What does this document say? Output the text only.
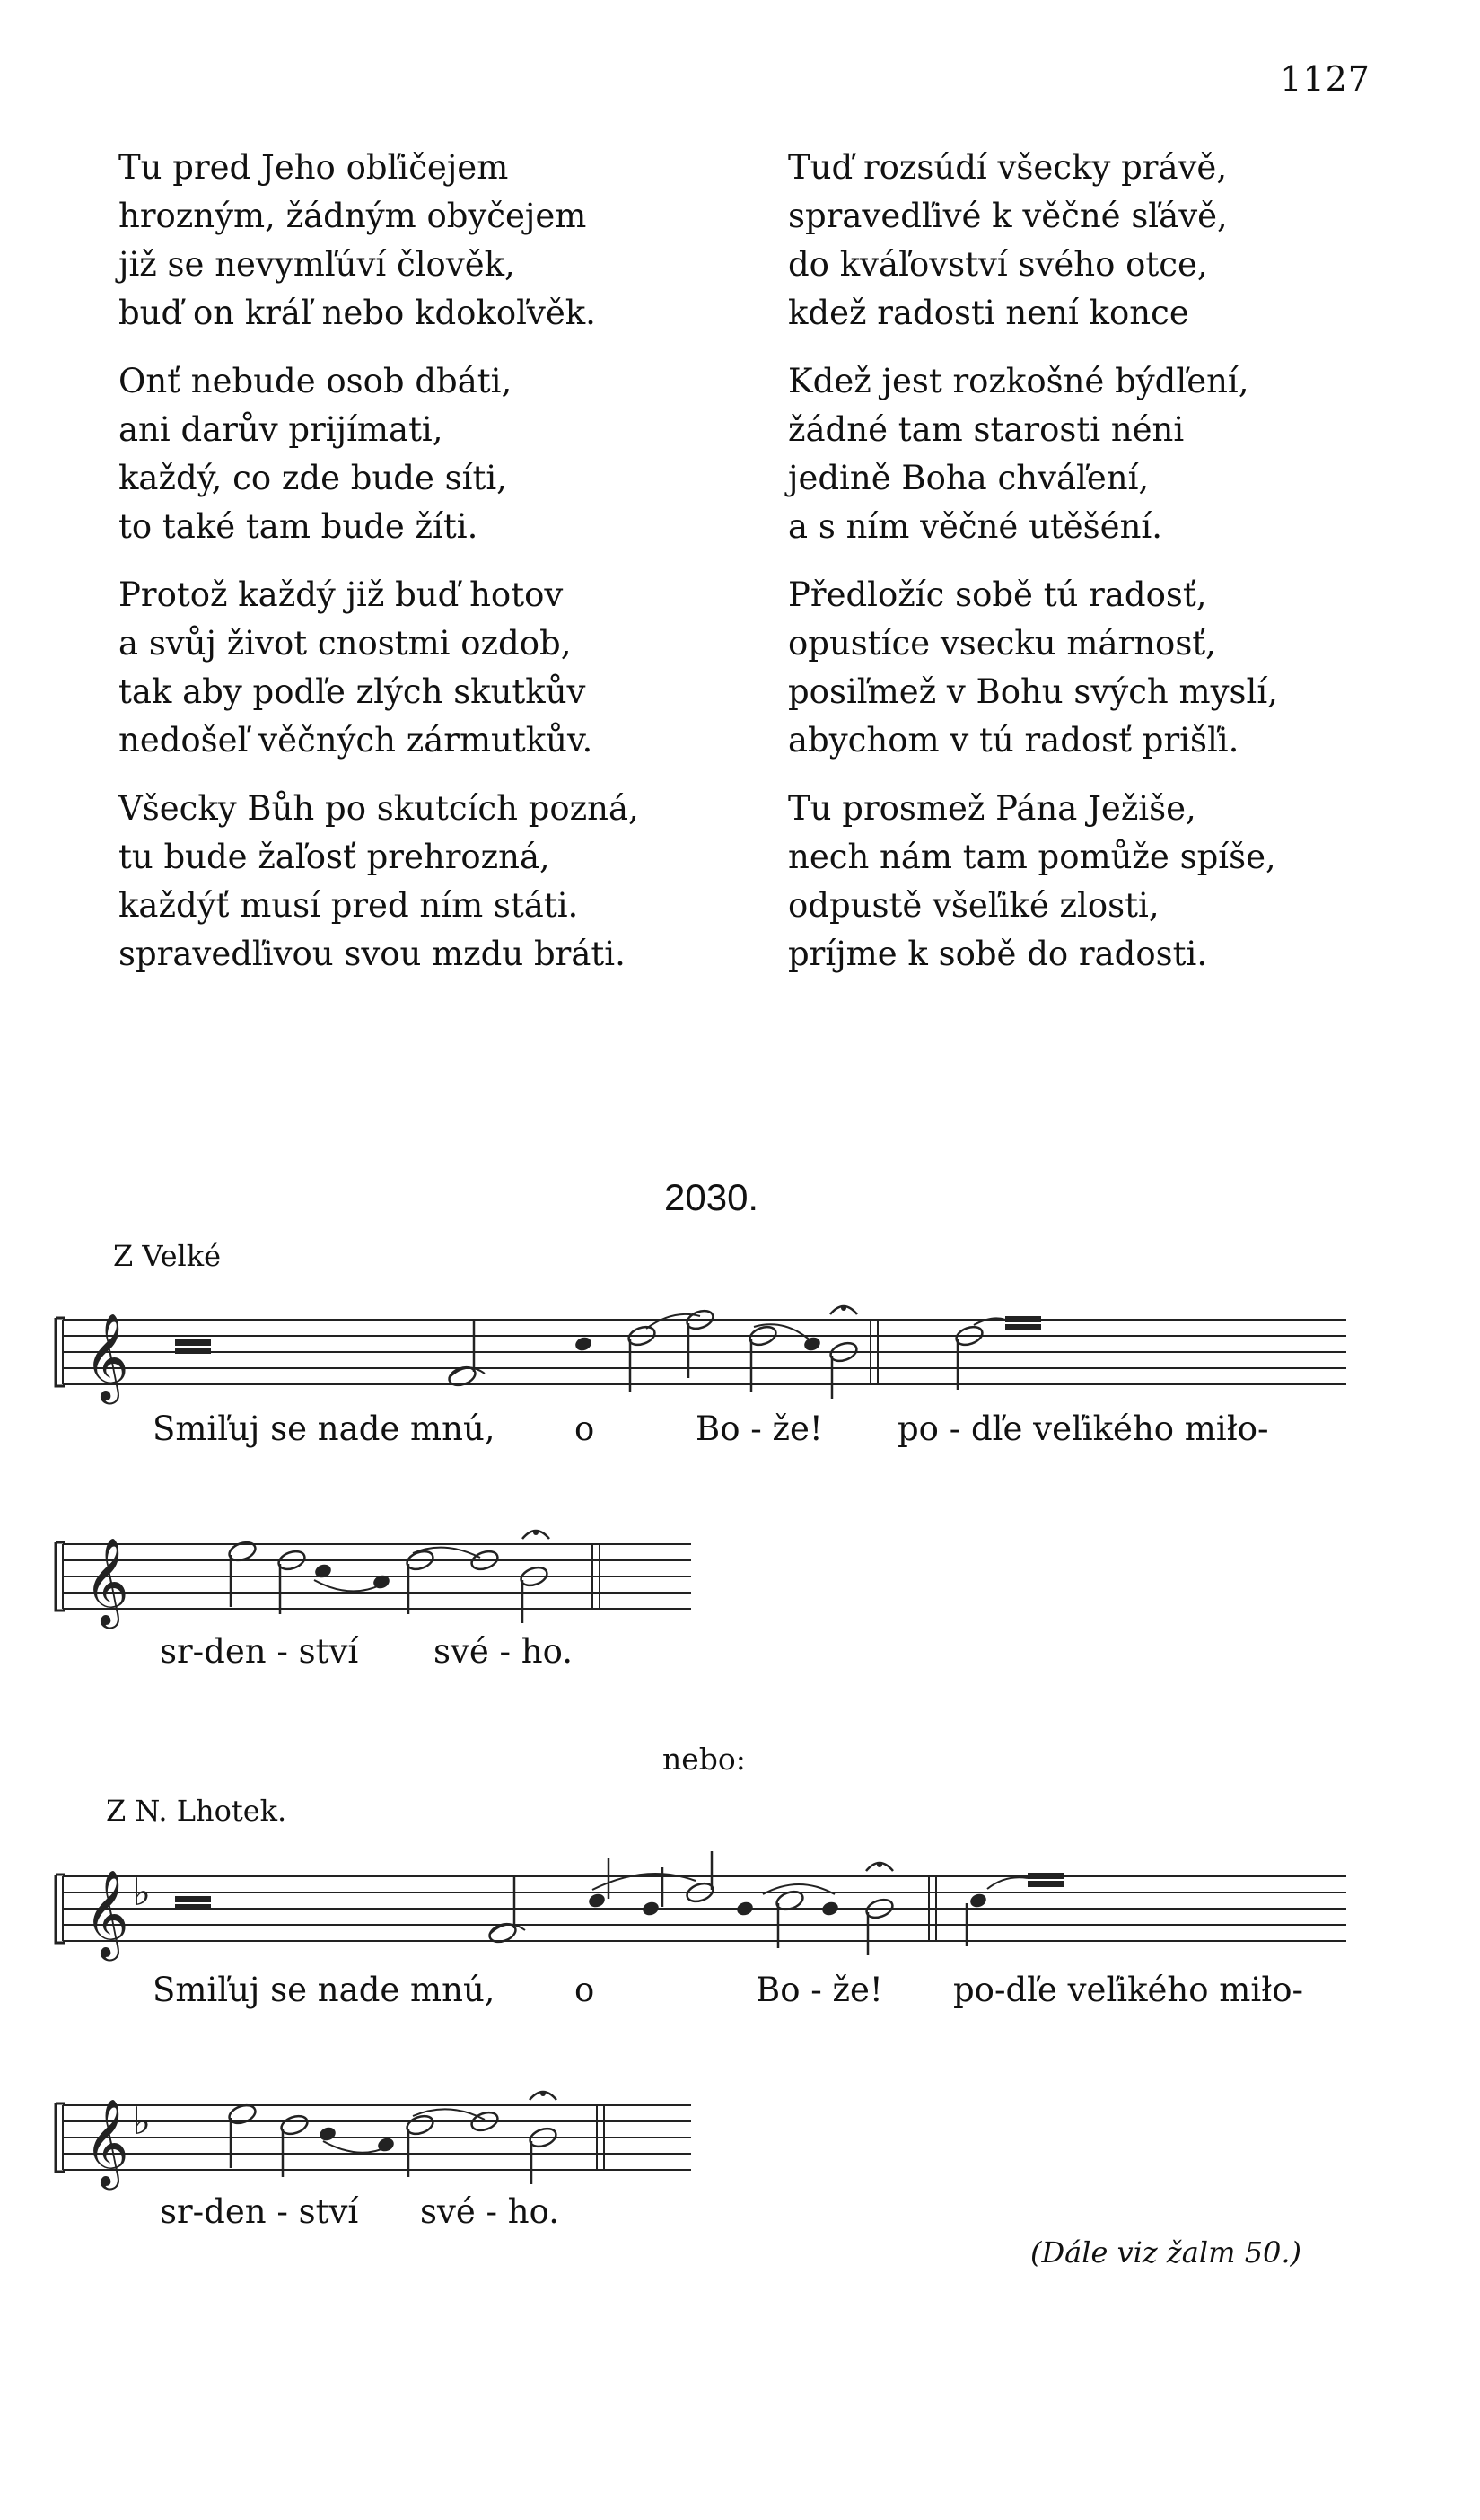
1127
Tu pred Jeho obľičejem
hrozným, žádným obyčejem
již se nevymľúví člověk,
buď on kráľ nebo kdokoľvěk.
Onť nebude osob dbáti,
ani darův prijímati,
každý, co zde bude síti,
to také tam bude žíti.
Protož každý již buď hotov
a svůj život cnostmi ozdob,
tak aby podľe zlých skutkův
nedošeľ věčných zármutkův.
Všecky Bůh po skutcích pozná,
tu bude žaľosť prehrozná,
každýť musí pred ním státi.
spravedľivou svou mzdu bráti.
Tuď rozsúdí všecky právě,
spravedľivé k věčné sľávě,
do kváľovství svého otce,
kdež radosti není konce
Kdež jest rozkošné býdľení,
žádné tam starosti néni
jedině Boha chváľení,
a s ním věčné utěšéní.
Předložíc sobě tú radosť,
opustíce vsecku márnosť,
posiľmež v Bohu svých myslí,
abychom v tú radosť prišľi.
Tu prosmež Pána Ježiše,
nech nám tam pomůže spíše,
odpustě všeľiké zlosti,
príjme k sobě do radosti.
2030.
Z Velké
𝄞
Smiľuj se nade mnú, o	Bo - že! po - dľe veľikého miło-
𝄞
sr-den - ství své - ho.
nebo:
Z N. Lhotek.
𝄞 ♭
Smiľuj se nade mnú, o	Bo - že! po-dľe veľikého miło-
𝄞 ♭
sr-den - ství své - ho.
(Dále viz žalm 50.)
